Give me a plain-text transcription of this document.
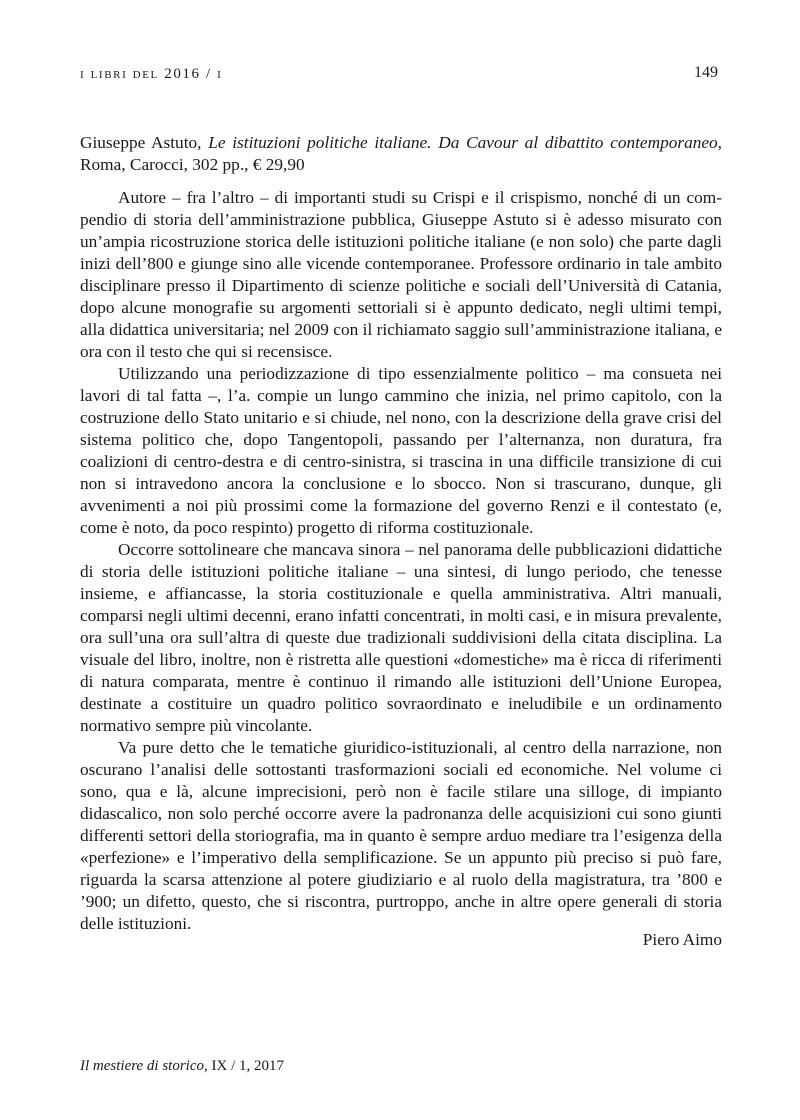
i libri del 2016 / i	149
Giuseppe Astuto, Le istituzioni politiche italiane. Da Cavour al dibattito contemporaneo, Roma, Carocci, 302 pp., € 29,90

Autore – fra l’altro – di importanti studi su Crispi e il crispismo, nonché di un compendio di storia dell’amministrazione pubblica, Giuseppe Astuto si è adesso misurato con un’ampia ricostruzione storica delle istituzioni politiche italiane (e non solo) che parte dagli inizi dell’800 e giunge sino alle vicende contemporanee. Professore ordinario in tale ambito disciplinare presso il Dipartimento di scienze politiche e sociali dell’Università di Catania, dopo alcune monografie su argomenti settoriali si è appunto dedicato, negli ultimi tempi, alla didattica universitaria; nel 2009 con il richiamato saggio sull’amministrazione italiana, e ora con il testo che qui si recensisce.

Utilizzando una periodizzazione di tipo essenzialmente politico – ma consueta nei lavori di tal fatta –, l’a. compie un lungo cammino che inizia, nel primo capitolo, con la costruzione dello Stato unitario e si chiude, nel nono, con la descrizione della grave crisi del sistema politico che, dopo Tangentopoli, passando per l’alternanza, non duratura, fra coalizioni di centro-destra e di centro-sinistra, si trascina in una difficile transizione di cui non si intravedono ancora la conclusione e lo sbocco. Non si trascurano, dunque, gli avvenimenti a noi più prossimi come la formazione del governo Renzi e il contestato (e, come è noto, da poco respinto) progetto di riforma costituzionale.

Occorre sottolineare che mancava sinora – nel panorama delle pubblicazioni didattiche di storia delle istituzioni politiche italiane – una sintesi, di lungo periodo, che tenesse insieme, e affiancasse, la storia costituzionale e quella amministrativa. Altri manuali, comparsi negli ultimi decenni, erano infatti concentrati, in molti casi, e in misura prevalente, ora sull’una ora sull’altra di queste due tradizionali suddivisioni della citata disciplina. La visuale del libro, inoltre, non è ristretta alle questioni «domestiche» ma è ricca di riferimenti di natura comparata, mentre è continuo il rimando alle istituzioni dell’Unione Europea, destinate a costituire un quadro politico sovraordinato e ineludibile e un ordinamento normativo sempre più vincolante.

Va pure detto che le tematiche giuridico-istituzionali, al centro della narrazione, non oscurano l’analisi delle sottostanti trasformazioni sociali ed economiche. Nel volume ci sono, qua e là, alcune imprecisioni, però non è facile stilare una silloge, di impianto didascalico, non solo perché occorre avere la padronanza delle acquisizioni cui sono giunti differenti settori della storiografia, ma in quanto è sempre arduo mediare tra l’esigenza della «perfezione» e l’imperativo della semplificazione. Se un appunto più preciso si può fare, riguarda la scarsa attenzione al potere giudiziario e al ruolo della magistratura, tra ’800 e ’900; un difetto, questo, che si riscontra, purtroppo, anche in altre opere generali di storia delle istituzioni.

Piero Aimo
Il mestiere di storico, IX / 1, 2017
